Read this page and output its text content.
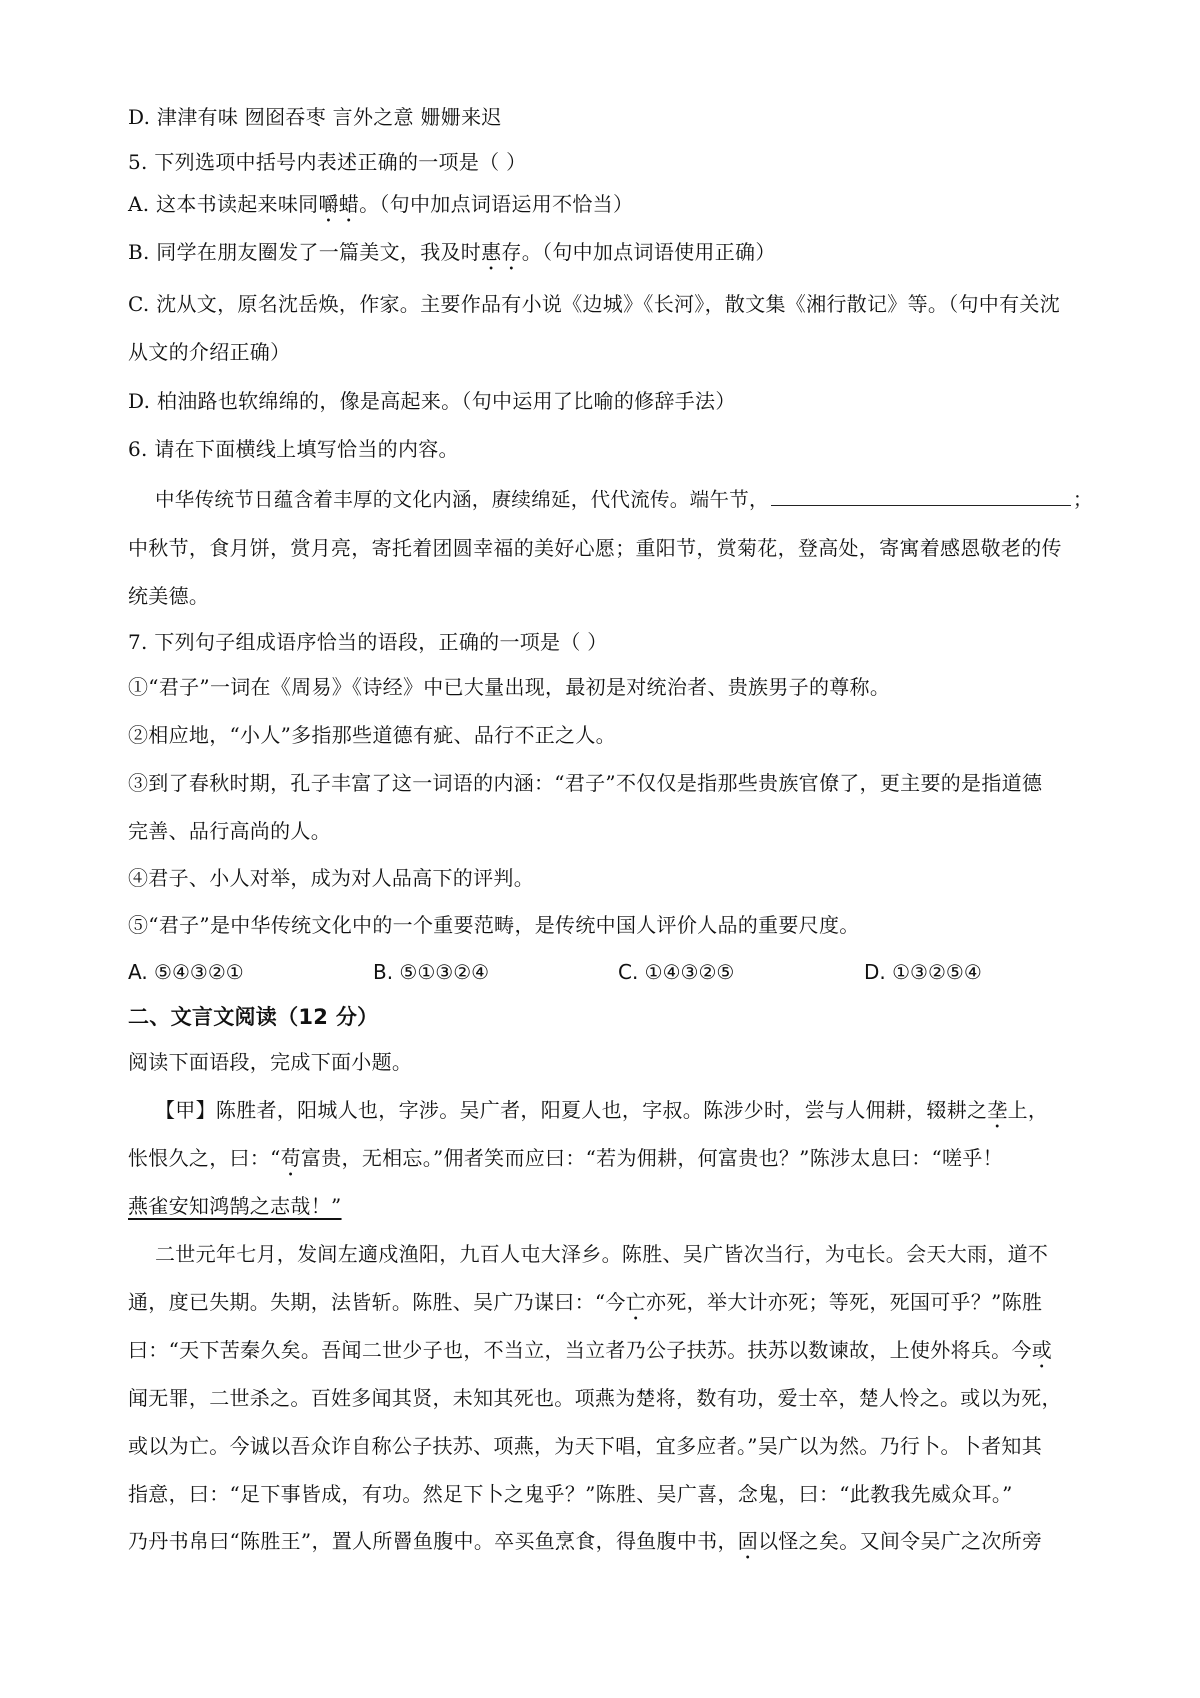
D. 津津有味 囫囵吞枣 言外之意 姗姗来迟
5. 下列选项中括号内表述正确的一项是（ ）
A. 这本书读起来味同嚼蜡。（句中加点词语运用不恰当）
B. 同学在朋友圈发了一篇美文，我及时惠存。（句中加点词语使用正确）
C. 沈从文，原名沈岳焕，作家。主要作品有小说《边城》《长河》，散文集《湘行散记》等。（句中有关沈
从文的介绍正确）
D. 柏油路也软绵绵的，像是高起来。（句中运用了比喻的修辞手法）
6. 请在下面横线上填写恰当的内容。
中华传统节日蕴含着丰厚的文化内涵，赓续绵延，代代流传。端午节，	；
中秋节，食月饼，赏月亮，寄托着团圆幸福的美好心愿；重阳节，赏菊花，登高处，寄寓着感恩敬老的传
统美德。
7. 下列句子组成语序恰当的语段，正确的一项是（ ）
①“君子”一词在《周易》《诗经》中已大量出现，最初是对统治者、贵族男子的尊称。
②相应地，“小人”多指那些道德有疵、品行不正之人。
③到了春秋时期，孔子丰富了这一词语的内涵：“君子”不仅仅是指那些贵族官僚了，更主要的是指道德
完善、品行高尚的人。
④君子、小人对举，成为对人品高下的评判。
⑤“君子”是中华传统文化中的一个重要范畴，是传统中国人评价人品的重要尺度。
A. ⑤④③②①	B. ⑤①③②④	C. ①④③②⑤	D. ①③②⑤④
二、文言文阅读（12 分）
阅读下面语段，完成下面小题。
【甲】陈胜者，阳城人也，字涉。吴广者，阳夏人也，字叔。陈涉少时，尝与人佣耕，辍耕之垄上，
怅恨久之，曰：“苟富贵，无相忘。”佣者笑而应曰：“若为佣耕，何富贵也？”陈涉太息曰：“嗟乎！
燕雀安知鸿鹄之志哉！”
二世元年七月，发闾左適戍渔阳，九百人屯大泽乡。陈胜、吴广皆次当行，为屯长。会天大雨，道不
通，度已失期。失期，法皆斩。陈胜、吴广乃谋曰：“今亡亦死，举大计亦死；等死，死国可乎？”陈胜
曰：“天下苦秦久矣。吾闻二世少子也，不当立，当立者乃公子扶苏。扶苏以数谏故，上使外将兵。今或
闻无罪，二世杀之。百姓多闻其贤，未知其死也。项燕为楚将，数有功，爱士卒，楚人怜之。或以为死，
或以为亡。今诚以吾众诈自称公子扶苏、项燕，为天下唱，宜多应者。”吴广以为然。乃行卜。卜者知其
指意，曰：“足下事皆成，有功。然足下卜之鬼乎？”陈胜、吴广喜，念鬼，曰：“此教我先威众耳。”
乃丹书帛曰“陈胜王”，置人所罾鱼腹中。卒买鱼烹食，得鱼腹中书，固以怪之矣。又间令吴广之次所旁
